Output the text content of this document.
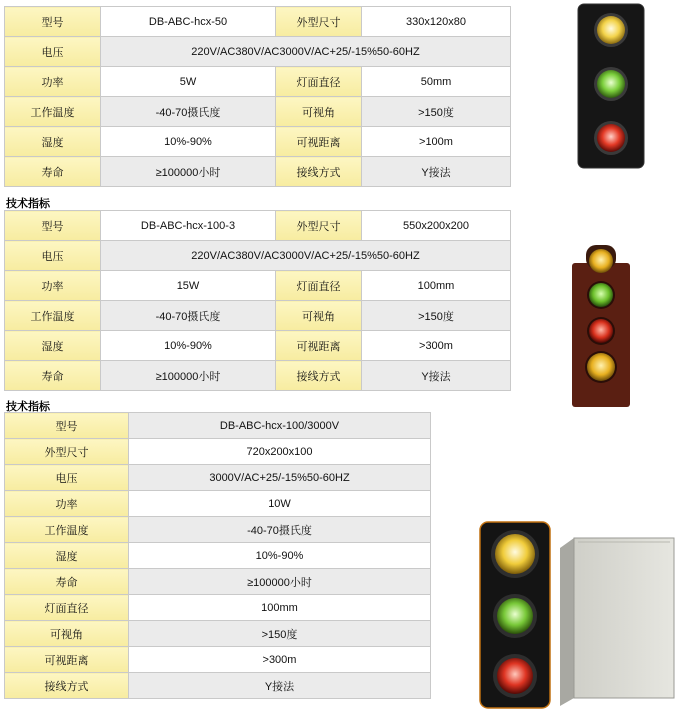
型号	DB-ABC-hcx-50	外型尺寸	330x120x80
电压	220V/AC380V/AC3000V/AC+25/-15%50-60HZ		
功率	5W	灯面直径	50mm
工作温度	-40-70摄氏度	可视角	>150度
湿度	10%-90%	可视距离	>100m
寿命	≥100000小时	接线方式	Y接法
技术指标
型号	DB-ABC-hcx-100-3	外型尺寸	550x200x200
电压	220V/AC380V/AC3000V/AC+25/-15%50-60HZ		
功率	15W	灯面直径	100mm
工作温度	-40-70摄氏度	可视角	>150度
湿度	10%-90%	可视距离	>300m
寿命	≥100000小时	接线方式	Y接法
技术指标
型号	DB-ABC-hcx-100/3000V
外型尺寸	720x200x100
电压	3000V/AC+25/-15%50-60HZ
功率	10W
工作温度	-40-70摄氏度
湿度	10%-90%
寿命	≥100000小时
灯面直径	100mm
可视角	>150度
可视距离	>300m
接线方式	Y接法
